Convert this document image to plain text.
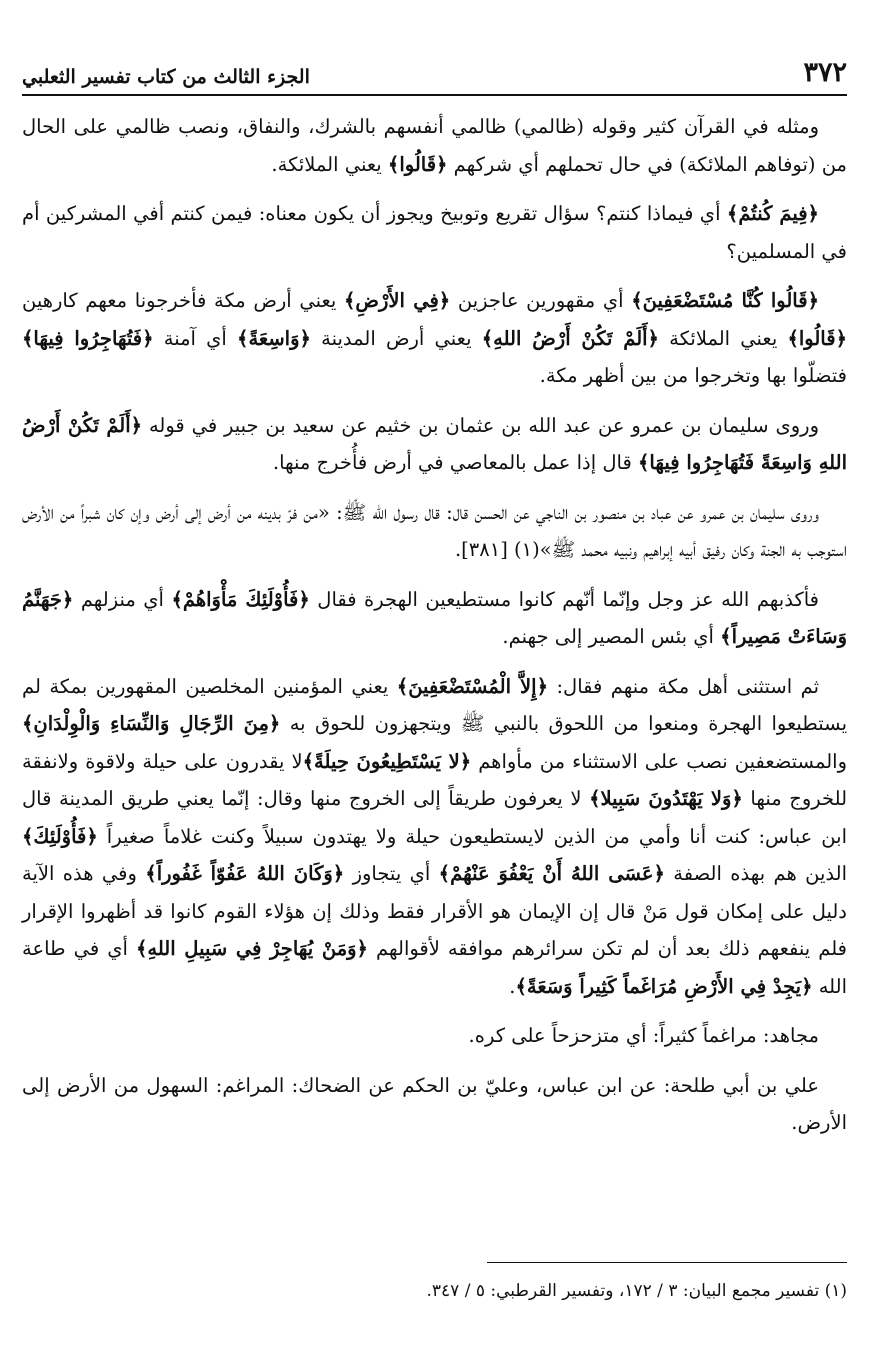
٣٧٢
الجزء الثالث من كتاب تفسير الثعلبي

ومثله في القرآن كثير وقوله (ظالمي) ظالمي أنفسهم بالشرك، والنفاق، ونصب ظالمي على الحال من (توفاهم الملائكة) في حال تحملهم أي شركهم ﴿قَالُوا﴾ يعني الملائكة.

﴿فِيمَ كُنتُمْ﴾ أي فيماذا كنتم؟ سؤال تقريع وتوبيخ ويجوز أن يكون معناه: فيمن كنتم أفي المشركين أم في المسلمين؟

﴿قَالُوا كُنَّا مُسْتَضْعَفِينَ﴾ أي مقهورين عاجزين ﴿فِي الأَرْضِ﴾ يعني أرض مكة فأخرجونا معهم كارهين ﴿قَالُوا﴾ يعني الملائكة ﴿أَلَمْ تَكُنْ أَرْضُ اللهِ﴾ يعني أرض المدينة ﴿وَاسِعَةً﴾ أي آمنة ﴿فَتُهَاجِرُوا فِيهَا﴾ فتضلّوا بها وتخرجوا من بين أظهر مكة.

وروى سليمان بن عمرو عن عبد الله بن عثمان بن خثيم عن سعيد بن جبير في قوله ﴿أَلَمْ تَكُنْ أَرْضُ اللهِ وَاسِعَةً فَتُهَاجِرُوا فِيهَا﴾ قال إذا عمل بالمعاصي في أرض فأُخرج منها.

وروى سليمان بن عمرو عن عباد بن منصور بن الناجي عن الحسن قال: قال رسول الله ﷺ: «من فرّ بدينه من أرض إلى أرض وإن كان شبراً من الأرض استوجب به الجنة وكان رفيق أبيه إبراهيم ونبيه محمد ﷺ»(١) [٣٨١].

فأكذبهم الله عز وجل وإنّما أنّهم كانوا مستطيعين الهجرة فقال ﴿فَأُوْلَئِكَ مَأْوَاهُمْ﴾ أي منزلهم ﴿جَهَنَّمُ وَسَاءَتْ مَصِيراً﴾ أي بئس المصير إلى جهنم.

ثم استثنى أهل مكة منهم فقال: ﴿إِلاَّ الْمُسْتَضْعَفِينَ﴾ يعني المؤمنين المخلصين المقهورين بمكة لم يستطيعوا الهجرة ومنعوا من اللحوق بالنبي ﷺ ويتجهزون للحوق به ﴿مِنَ الرِّجَالِ وَالنِّسَاءِ وَالْوِلْدَانِ﴾ والمستضعفين نصب على الاستثناء من مأواهم ﴿لا يَسْتَطِيعُونَ حِيلَةً﴾لا يقدرون على حيلة ولاقوة ولانفقة للخروج منها ﴿وَلا يَهْتَدُونَ سَبِيلا﴾ لا يعرفون طريقاً إلى الخروج منها وقال: إنّما يعني طريق المدينة قال ابن عباس: كنت أنا وأمي من الذين لايستطيعون حيلة ولا يهتدون سبيلاً وكنت غلاماً صغيراً ﴿فَأُوْلَئِكَ﴾ الذين هم بهذه الصفة ﴿عَسَى اللهُ أَنْ يَعْفُوَ عَنْهُمْ﴾ أي يتجاوز ﴿وَكَانَ اللهُ عَفُوّاً غَفُوراً﴾ وفي هذه الآية دليل على إمكان قول مَنْ قال إن الإيمان هو الأقرار فقط وذلك إن هؤلاء القوم كانوا قد أظهروا الإقرار فلم ينفعهم ذلك بعد أن لم تكن سرائرهم موافقه لأقوالهم ﴿وَمَنْ يُهَاجِرْ فِي سَبِيلِ اللهِ﴾ أي في طاعة الله ﴿يَجِدْ فِي الأَرْضِ مُرَاغَماً كَثِيراً وَسَعَةً﴾.

مجاهد: مراغماً كثيراً: أي متزحزحاً على كره.

علي بن أبي طلحة: عن ابن عباس، وعليّ بن الحكم عن الضحاك: المراغم: السهول من الأرض إلى الأرض.

(١) تفسير مجمع البيان: ٣ / ١٧٢، وتفسير القرطبي: ٥ / ٣٤٧.
